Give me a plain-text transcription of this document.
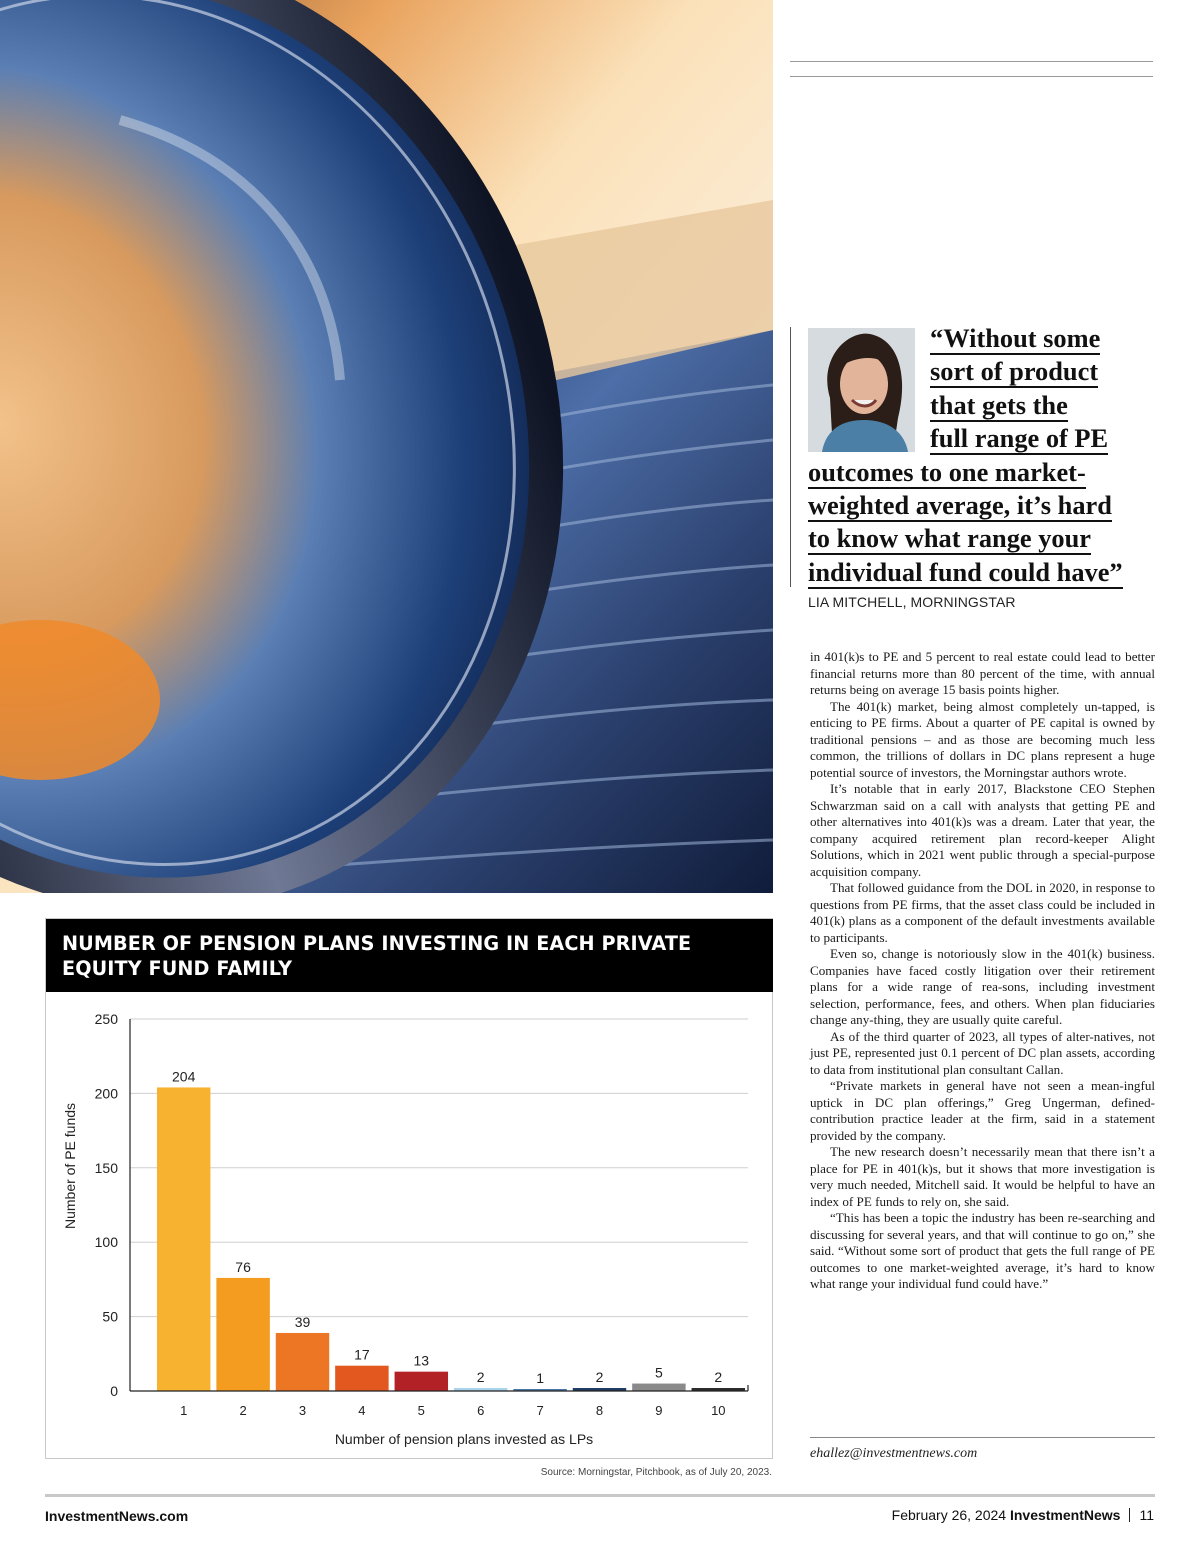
“Without some
sort of product
that gets the
full range of PE
outcomes to one market-
weighted average, it’s hard
to know what range your
individual fund could have”
LIA MITCHELL, MORNINGSTAR

in 401(k)s to PE and 5 percent to real estate could lead to better financial returns more than 80 percent of the time, with annual returns being on average 15 basis points higher.

The 401(k) market, being almost completely un-tapped, is enticing to PE firms. About a quarter of PE capital is owned by traditional pensions – and as those are becoming much less common, the trillions of dollars in DC plans represent a huge potential source of investors, the Morningstar authors wrote.

It’s notable that in early 2017, Blackstone CEO Stephen Schwarzman said on a call with analysts that getting PE and other alternatives into 401(k)s was a dream. Later that year, the company acquired retirement plan record-keeper Alight Solutions, which in 2021 went public through a special-purpose acquisition company.

That followed guidance from the DOL in 2020, in response to questions from PE firms, that the asset class could be included in 401(k) plans as a component of the default investments available to participants.

Even so, change is notoriously slow in the 401(k) business. Companies have faced costly litigation over their retirement plans for a wide range of rea-sons, including investment selection, performance, fees, and others. When plan fiduciaries change any-thing, they are usually quite careful.

As of the third quarter of 2023, all types of alter-natives, not just PE, represented just 0.1 percent of DC plan assets, according to data from institutional plan consultant Callan.

“Private markets in general have not seen a mean-ingful uptick in DC plan offerings,” Greg Ungerman, defined-contribution practice leader at the firm, said in a statement provided by the company.

The new research doesn’t necessarily mean that there isn’t a place for PE in 401(k)s, but it shows that more investigation is very much needed, Mitchell said. It would be helpful to have an index of PE funds to rely on, she said.

“This has been a topic the industry has been re-searching and discussing for several years, and that will continue to go on,” she said. “Without some sort of product that gets the full range of PE outcomes to one market-weighted average, it’s hard to know what range your individual fund could have.”

ehallez@investmentnews.com
NUMBER OF PENSION PLANS INVESTING IN EACH PRIVATE EQUITY FUND FAMILY
204
76
39
17	13
2	1	2	5	2
0
50
100
150
200
250
1	2	3	4	5	6	7	8	9	10
Number of PE funds
Number of pension plans invested as LPs
Source: Morningstar, Pitchbook, as of July 20, 2023.
InvestmentNews.com	February 26, 2024 InvestmentNews 11
